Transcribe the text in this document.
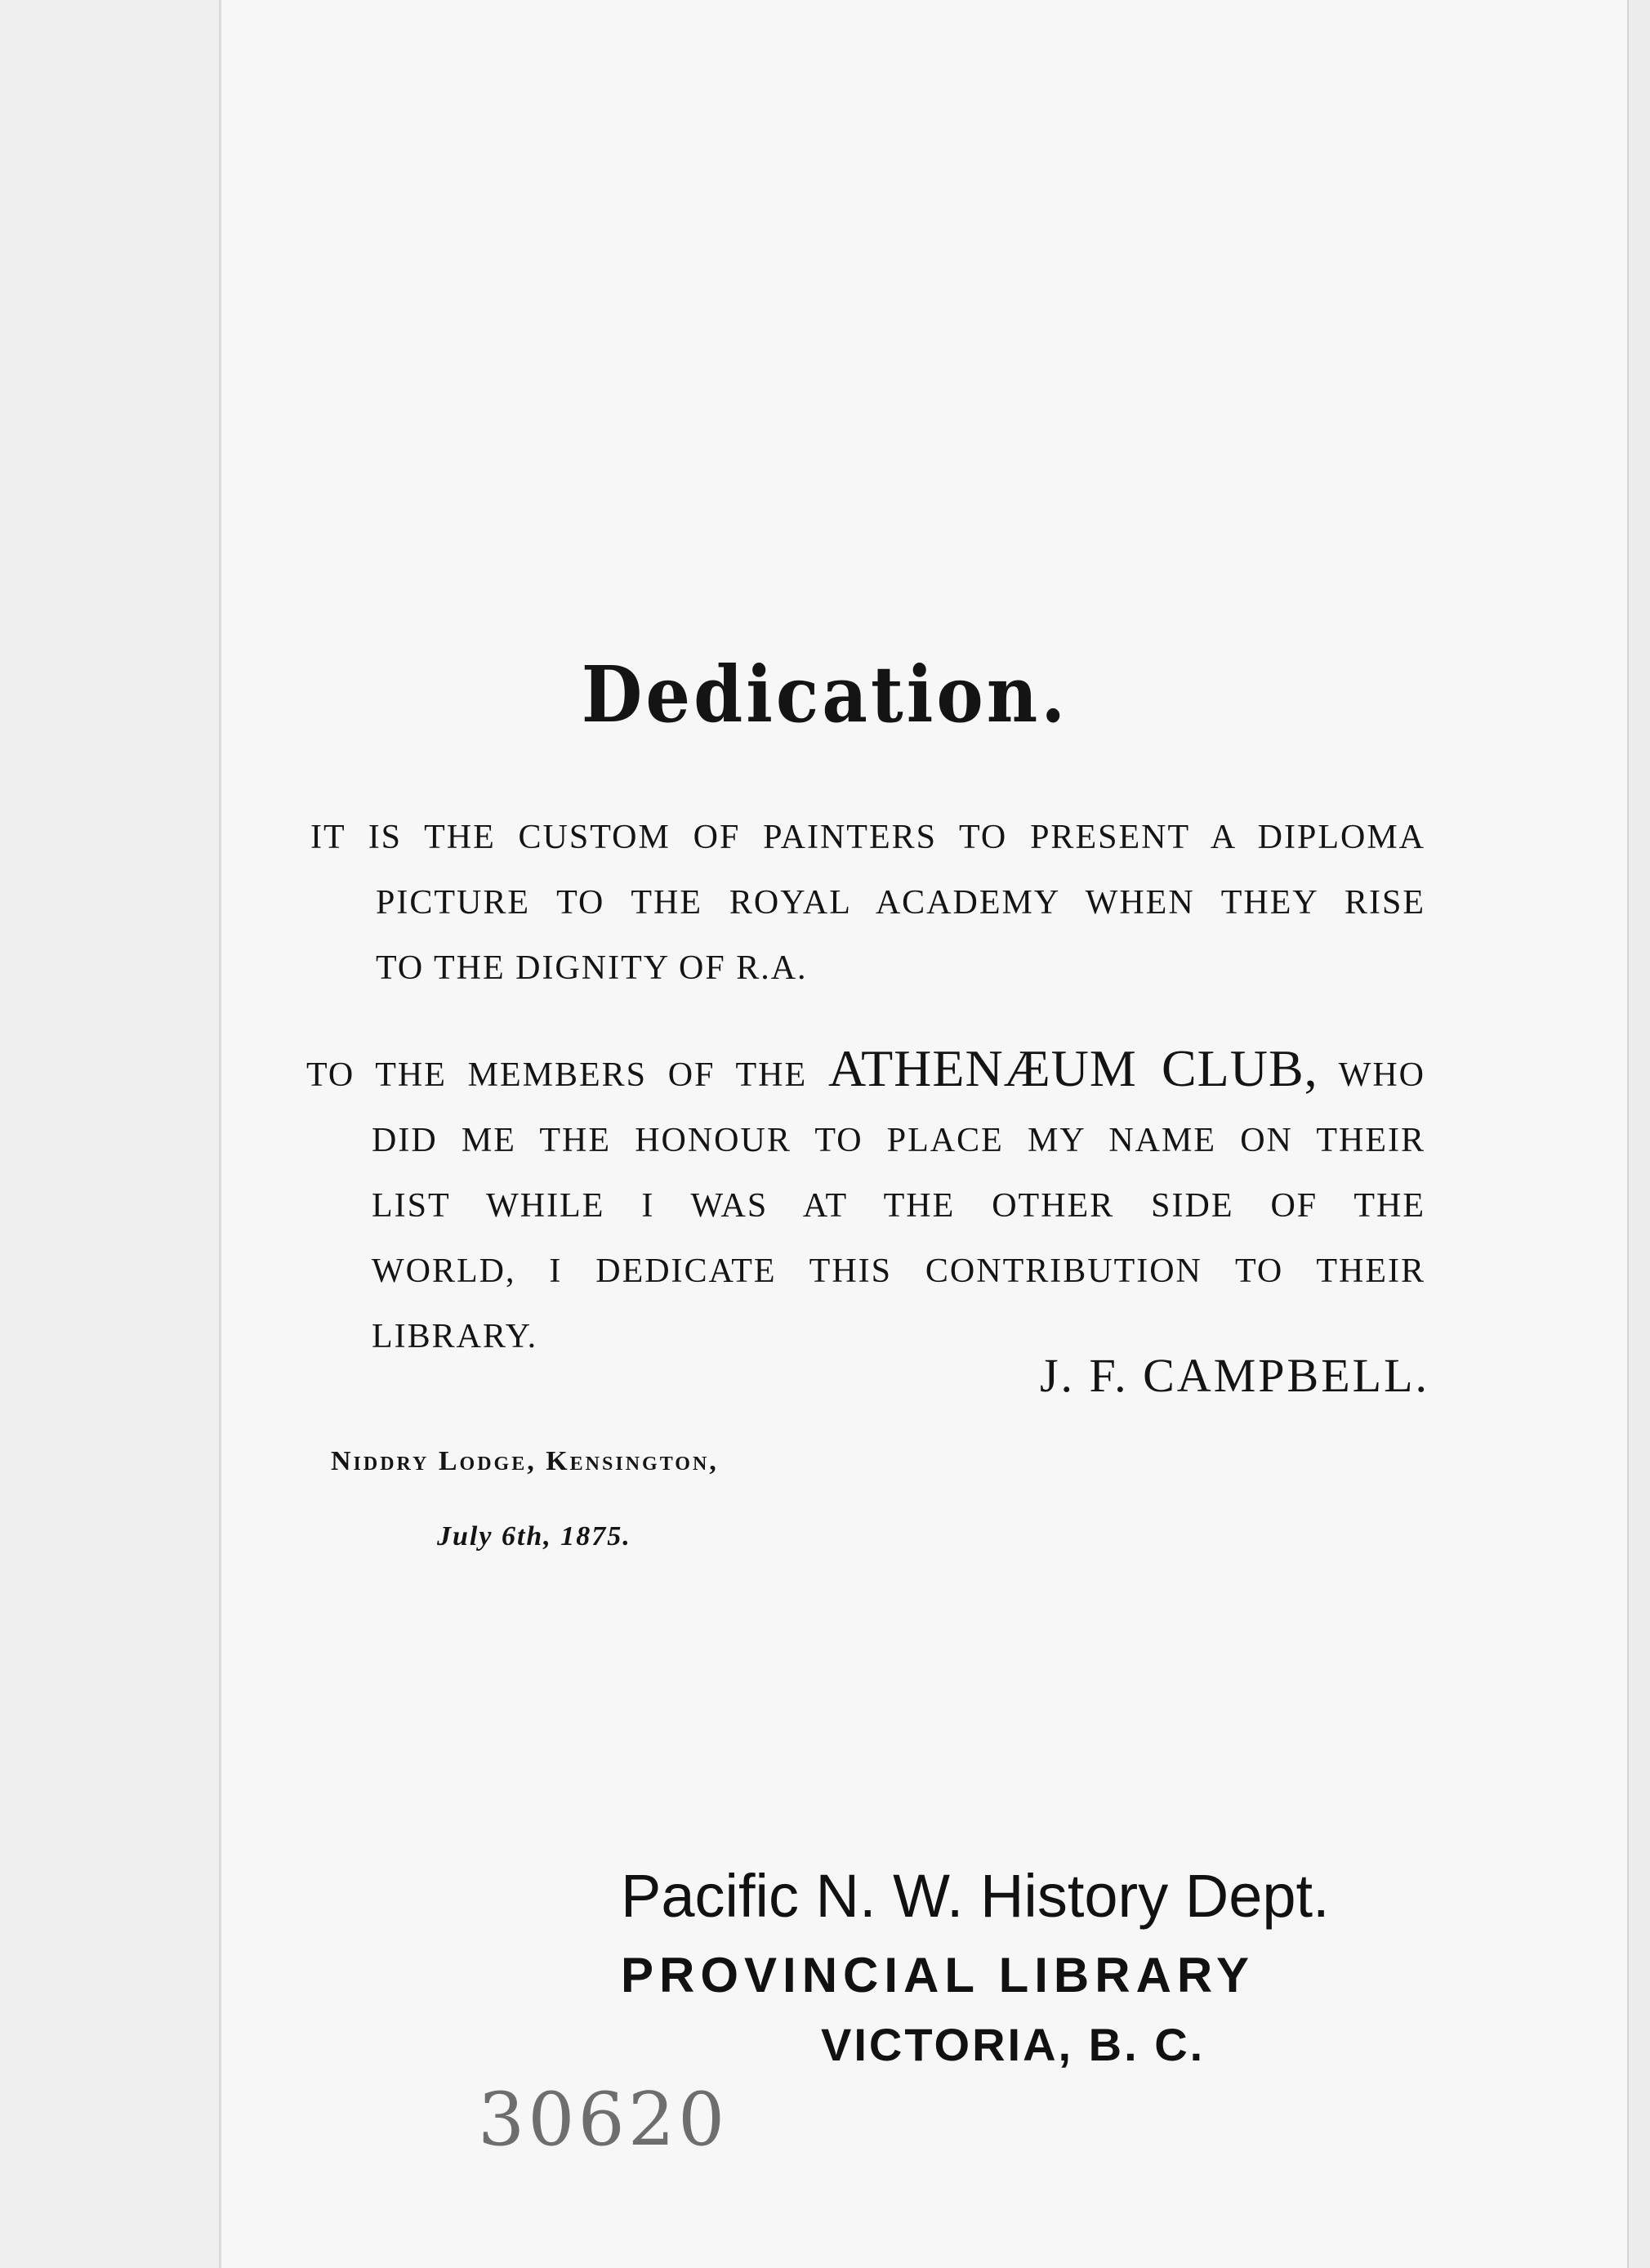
Dedication.
IT IS THE CUSTOM OF PAINTERS TO PRESENT A DIPLOMA
PICTURE TO THE ROYAL ACADEMY WHEN THEY RISE
TO THE DIGNITY OF R.A.
TO THE MEMBERS OF THE ATHENÆUM CLUB, WHO
DID ME THE HONOUR TO PLACE MY NAME ON THEIR
LIST WHILE I WAS AT THE OTHER SIDE OF THE
WORLD, I DEDICATE THIS CONTRIBUTION TO THEIR
LIBRARY.
J. F. CAMPBELL.
Niddry Lodge, Kensington,
July 6th, 1875.
Pacific N. W. History Dept.
PROVINCIAL LIBRARY
VICTORIA, B. C.
30620
